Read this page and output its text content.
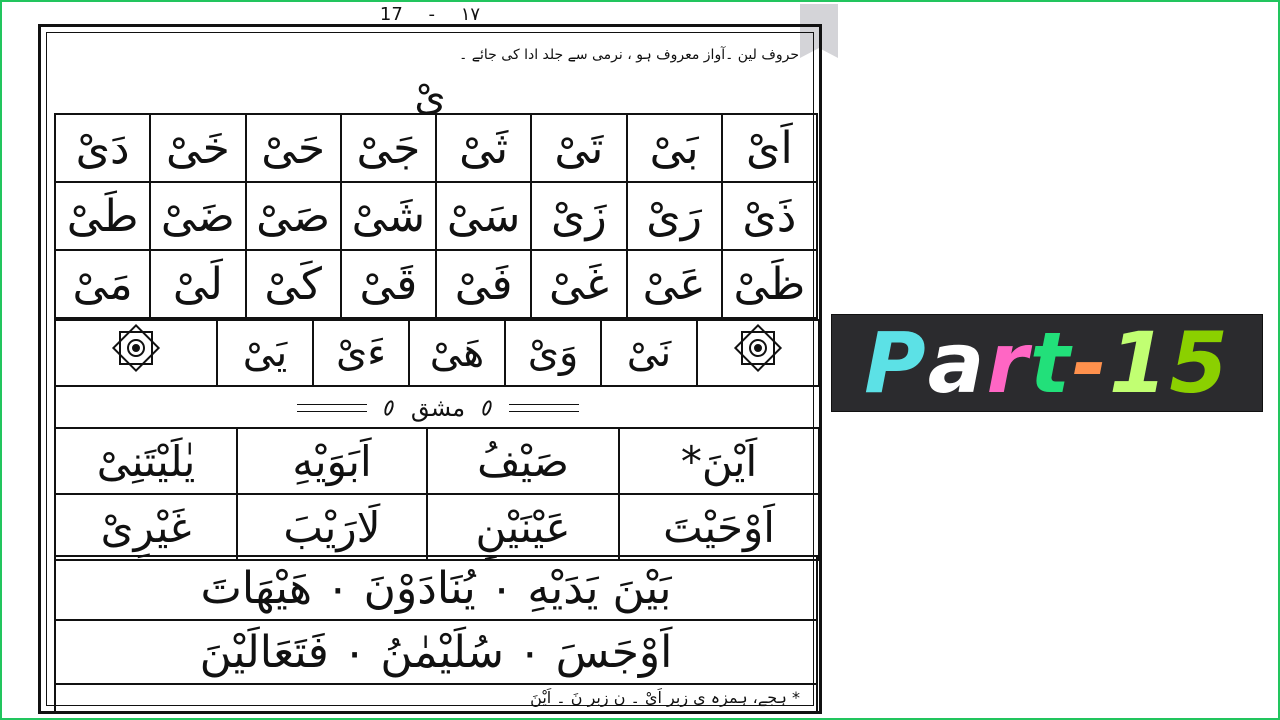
17 - ١٧
حروف لین ۔آواز معروف ہو ، نرمی سے جلد ادا کی جائے ۔
یْ
اَیْ	بَیْ	تَیْ	ثَیْ	جَیْ	حَیْ	خَیْ	دَیْ
ذَیْ	رَیْ	زَیْ	سَیْ	شَیْ	صَیْ	ضَیْ	طَیْ
ظَیْ	عَیْ	غَیْ	فَیْ	قَیْ	کَیْ	لَیْ	مَیْ
	نَیْ	وَیْ	ھَیْ	ءَیْ	یَیْ	
مشق
اَیْنَ*	صَیْفُ	اَبَوَیْهِ	یٰلَیْتَنِیْ
اَوْحَیْتَ	عَیْنَیْنِ	لَارَیْبَ	غَیْرِیْ
بَیْنَ یَدَیْهِ ۰ یُنَادَوْنَ ۰ هَیْهَاتَ
اَوْجَسَ ۰ سُلَیْمٰنُ ۰ فَتَعَالَیْنَ
* ہجے، ہمزہ ی زبر اَیْ ۔ ن زبر نَ ۔ اَیْنَ
P a r t - 1 5
